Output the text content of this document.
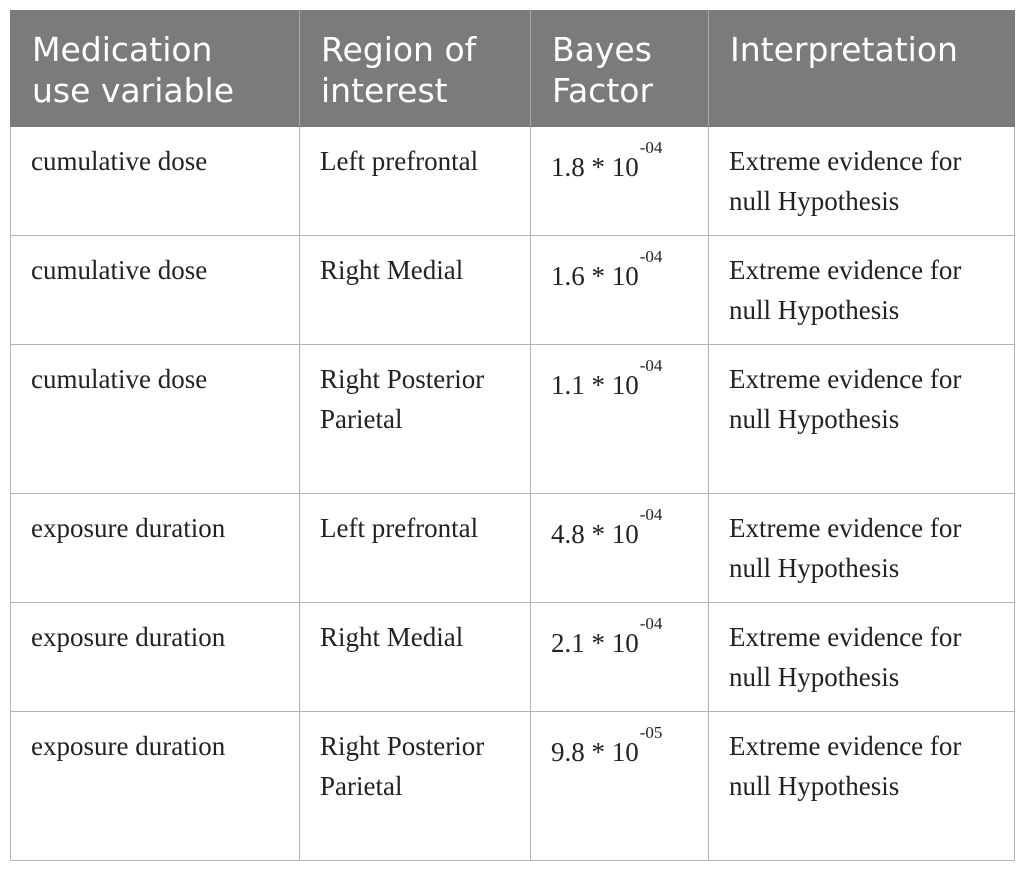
Medication use variable	Region of interest	Bayes Factor	Interpretation
cumulative dose	Left prefrontal	$1.8 * 10^{-04}$	Extreme evidence for null Hypothesis
cumulative dose	Right Medial	$1.6 * 10^{-04}$	Extreme evidence for null Hypothesis
cumulative dose	Right Posterior Parietal	$1.1 * 10^{-04}$	Extreme evidence for null Hypothesis
exposure duration	Left prefrontal	$4.8 * 10^{-04}$	Extreme evidence for null Hypothesis
exposure duration	Right Medial	$2.1 * 10^{-04}$	Extreme evidence for null Hypothesis
exposure duration	Right Posterior Parietal	$9.8 * 10^{-05}$	Extreme evidence for null Hypothesis
